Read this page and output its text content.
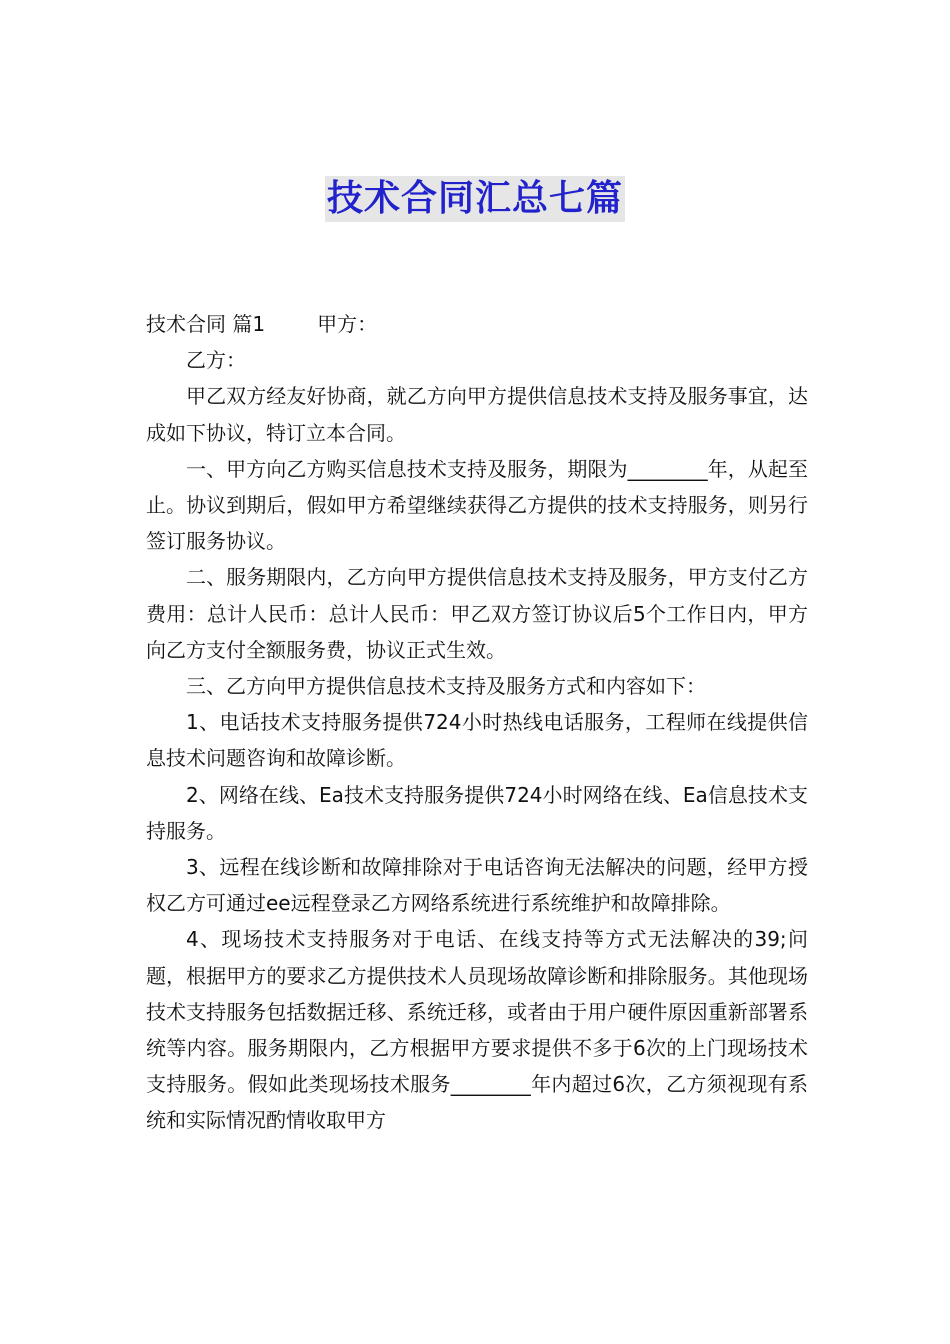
技术合同汇总七篇

技术合同 篇1	甲方：

乙方：

甲乙双方经友好协商，就乙方向甲方提供信息技术支持及服务事宜，达成如下协议，特订立本合同。

一、甲方向乙方购买信息技术支持及服务，期限为________年，从起至止。协议到期后，假如甲方希望继续获得乙方提供的技术支持服务，则另行签订服务协议。

二、服务期限内，乙方向甲方提供信息技术支持及服务，甲方支付乙方费用：总计人民币：总计人民币：甲乙双方签订协议后5个工作日内，甲方向乙方支付全额服务费，协议正式生效。

三、乙方向甲方提供信息技术支持及服务方式和内容如下：

1、电话技术支持服务提供724小时热线电话服务，工程师在线提供信息技术问题咨询和故障诊断。

2、网络在线、Ea技术支持服务提供724小时网络在线、Ea信息技术支持服务。

3、远程在线诊断和故障排除对于电话咨询无法解决的问题，经甲方授权乙方可通过ee远程登录乙方网络系统进行系统维护和故障排除。

4、现场技术支持服务对于电话、在线支持等方式无法解决的39;问题，根据甲方的要求乙方提供技术人员现场故障诊断和排除服务。其他现场技术支持服务包括数据迁移、系统迁移，或者由于用户硬件原因重新部署系统等内容。服务期限内，乙方根据甲方要求提供不多于6次的上门现场技术支持服务。假如此类现场技术服务________年内超过6次，乙方须视现有系统和实际情况酌情收取甲方
